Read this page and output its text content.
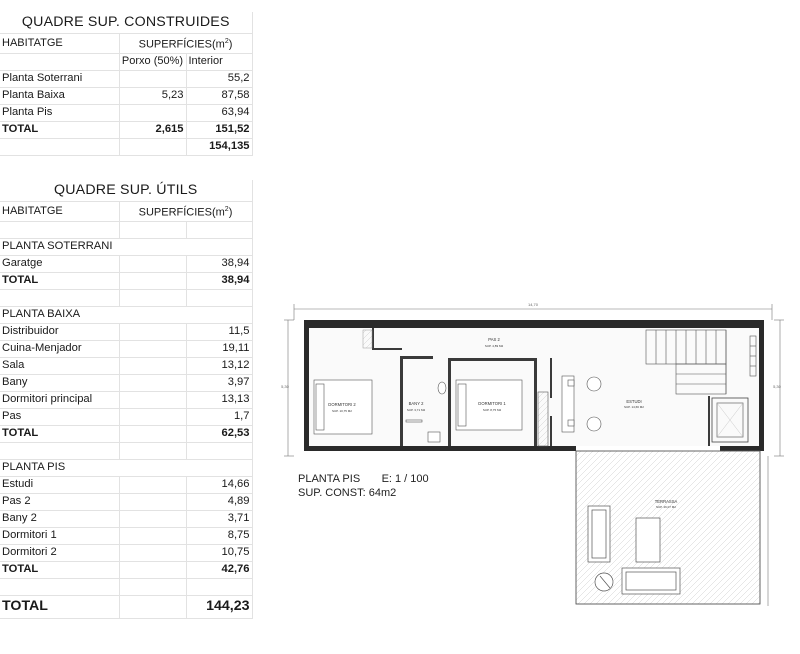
QUADRE SUP. CONSTRUIDES		
HABITATGE	$SUPERFÍCIES(m^2)$	
	Porxo (50%)	Interior
Planta Soterrani		55,2
Planta Baixa	5,23	87,58
Planta Pis		63,94
TOTAL	2,615	151,52
		154,135
QUADRE SUP. ÚTILS		
HABITATGE	$SUPERFÍCIES(m^2)$	

PLANTA SOTERRANI		
Garatge		38,94
TOTAL		38,94

PLANTA BAIXA		
Distribuidor		11,5
Cuina-Menjador		19,11
Sala		13,12
Bany		3,97
Dormitori principal		13,13
Pas		1,7
TOTAL		62,53

PLANTA PIS		
Estudi		14,66
Pas 2		4,89
Bany 2		3,71
Dormitori 1		8,75
Dormitori 2		10,75
TOTAL		42,76

TOTAL		144,23
14,70
5,30	5,30
PAS 2
SUP. 4,89 M2
DORMITORI 2
SUP. 10,75 M2
BANY 2
SUP. 3,71 M2
DORMITORI 1
SUP. 8,75 M2
ESTUDI
SUP. 14,66 M2
TERRASSA
SUP. 26,07 M2
PLANTA PIS E: 1 / 100
SUP. CONST: 64m2
